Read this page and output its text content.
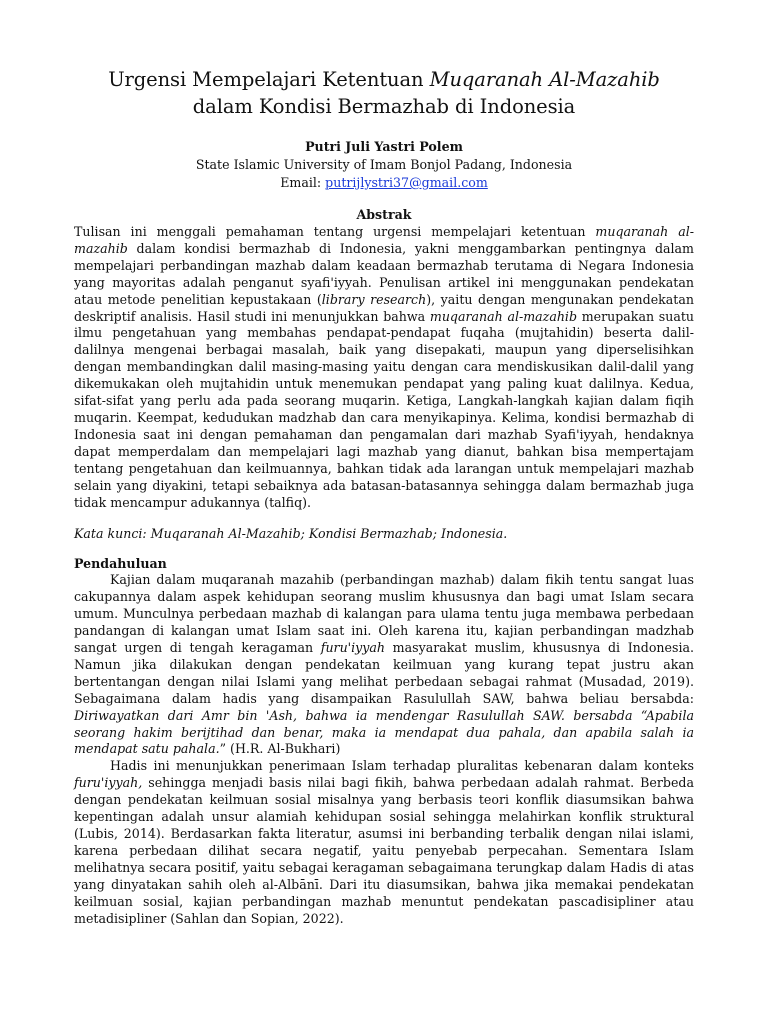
Urgensi Mempelajari Ketentuan Muqaranah Al-Mazahib
dalam Kondisi Bermazhab di Indonesia
Putri Juli Yastri Polem
State Islamic University of Imam Bonjol Padang, Indonesia
Email: putrijlystri37@gmail.com
Abstrak

Tulisan ini menggali pemahaman tentang urgensi mempelajari ketentuan muqaranah al-mazahib dalam kondisi bermazhab di Indonesia, yakni menggambarkan pentingnya dalam mempelajari perbandingan mazhab dalam keadaan bermazhab terutama di Negara Indonesia yang mayoritas adalah penganut syafi'iyyah. Penulisan artikel ini menggunakan pendekatan atau metode penelitian kepustakaan (library research), yaitu dengan mengunakan pendekatan deskriptif analisis. Hasil studi ini menunjukkan bahwa muqaranah al-mazahib merupakan suatu ilmu pengetahuan yang membahas pendapat-pendapat fuqaha (mujtahidin) beserta dalil-dalilnya mengenai berbagai masalah, baik yang disepakati, maupun yang diperselisihkan dengan membandingkan dalil masing-masing yaitu dengan cara mendiskusikan dalil-dalil yang dikemukakan oleh mujtahidin untuk menemukan pendapat yang paling kuat dalilnya. Kedua, sifat-sifat yang perlu ada pada seorang muqarin. Ketiga, Langkah-langkah kajian dalam fiqih muqarin. Keempat, kedudukan madzhab dan cara menyikapinya. Kelima, kondisi bermazhab di Indonesia saat ini dengan pemahaman dan pengamalan dari mazhab Syafi'iyyah, hendaknya dapat memperdalam dan mempelajari lagi mazhab yang dianut, bahkan bisa mempertajam tentang pengetahuan dan keilmuannya, bahkan tidak ada larangan untuk mempelajari mazhab selain yang diyakini, tetapi sebaiknya ada batasan-batasannya sehingga dalam bermazhab juga tidak mencampur adukannya (talfiq).

Kata kunci: Muqaranah Al-Mazahib; Kondisi Bermazhab; Indonesia.
Pendahuluan

Kajian dalam muqaranah mazahib (perbandingan mazhab) dalam fikih tentu sangat luas cakupannya dalam aspek kehidupan seorang muslim khususnya dan bagi umat Islam secara umum. Munculnya perbedaan mazhab di kalangan para ulama tentu juga membawa perbedaan pandangan di kalangan umat Islam saat ini. Oleh karena itu, kajian perbandingan madzhab sangat urgen di tengah keragaman furu'iyyah masyarakat muslim, khususnya di Indonesia. Namun jika dilakukan dengan pendekatan keilmuan yang kurang tepat justru akan bertentangan dengan nilai Islami yang melihat perbedaan sebagai rahmat (Musadad, 2019). Sebagaimana dalam hadis yang disampaikan Rasulullah SAW, bahwa beliau bersabda: Diriwayatkan dari Amr bin 'Ash, bahwa ia mendengar Rasulullah SAW. bersabda “Apabila seorang hakim berijtihad dan benar, maka ia mendapat dua pahala, dan apabila salah ia mendapat satu pahala.” (H.R. Al-Bukhari)

Hadis ini menunjukkan penerimaan Islam terhadap pluralitas kebenaran dalam konteks furu'iyyah, sehingga menjadi basis nilai bagi fikih, bahwa perbedaan adalah rahmat. Berbeda dengan pendekatan keilmuan sosial misalnya yang berbasis teori konflik diasumsikan bahwa kepentingan adalah unsur alamiah kehidupan sosial sehingga melahirkan konflik struktural (Lubis, 2014). Berdasarkan fakta literatur, asumsi ini berbanding terbalik dengan nilai islami, karena perbedaan dilihat secara negatif, yaitu penyebab perpecahan. Sementara Islam melihatnya secara positif, yaitu sebagai keragaman sebagaimana terungkap dalam Hadis di atas yang dinyatakan sahih oleh al-Albānī. Dari itu diasumsikan, bahwa jika memakai pendekatan keilmuan sosial, kajian perbandingan mazhab menuntut pendekatan pascadisipliner atau metadisipliner (Sahlan dan Sopian, 2022).
